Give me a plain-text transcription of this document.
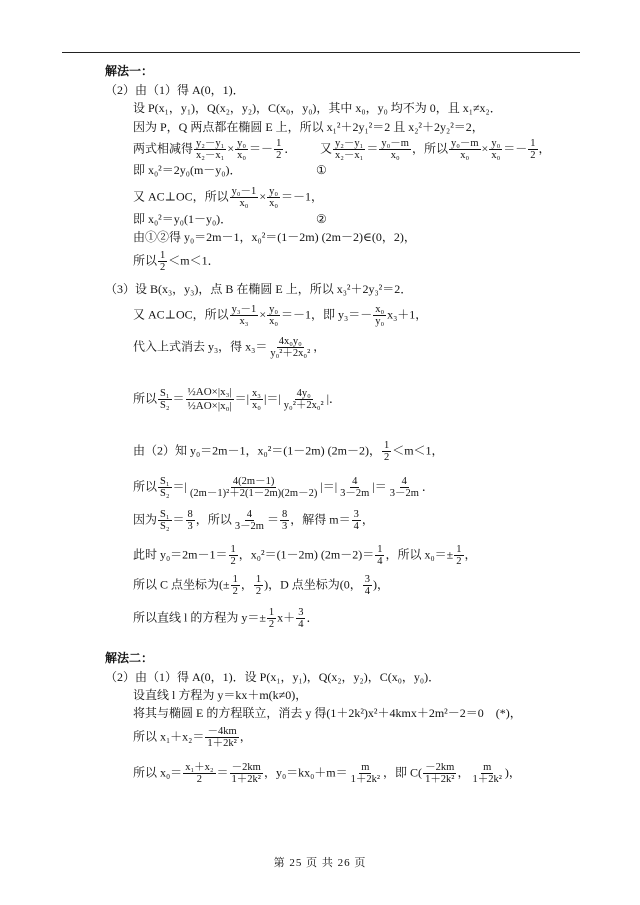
解法一：
（2）由（1）得 A(0，1)．
设 P(x₁，y₁)，Q(x₂，y₂)，C(x₀，y₀)，其中 x₀，y₀ 均不为 0，且 x₁≠x₂．
因为 P，Q 两点都在椭圆 E 上，所以 x₁²＋2y₁²＝2 且 x₂²＋2y₂²＝2，
两式相减得 $\frac{\text{y₂－y₁}}{\text{x₂－x₁}} \times \frac{\text{y₀}}{\text{x₀}} =- \frac{1}{2}$ ． 又 $\frac{\text{y₂－y₁}}{\text{x₂－x₁}} = \frac{\text{y₀－m}}{\text{x₀}}$ ，所以 $\frac{\text{y₀－m}}{\text{x₀}} \times \frac{\text{y₀}}{\text{x₀}} =- \frac{1}{2}$ ，
即 x₀²＝2y₀(m－y₀)．	①
又 AC⊥OC，所以 $\frac{\text{y₀－1}}{\text{x₀}} \times \frac{\text{y₀}}{\text{x₀}} =-1$，
即 x₀²＝y₀(1－y₀)．	②
由①②得 y₀＝2m－1，x₀²＝(1－2m) (2m－2)∈(0，2)，
所以 $\frac{1}{2} <m<1$．
（3）设 B(x₃，y₃)，点 B 在椭圆 E 上，所以 x₃²＋2y₃²＝2．
又 AC⊥OC，所以 $\frac{\text{y₃－1}}{\text{x₃}} \times \frac{\text{y₀}}{\text{x₀}} =-1$，即 $y_3=- \frac{\text{x₀}}{\text{y₀}} x_3+1$，
代入上式消去 y₃，得 $x_3= \frac{\text{4x₀y₀}}{\text{y₀²＋2x₀²}}$ ，
所以 $\frac{\text{S₁}}{\text{S₂}} = \frac{\text{½AO×|x₃|}}{\text{½AO×|x₀|}}$ ＝| $\frac{\text{x₃}}{\text{x₀}}$ |＝| $\frac{\text{4y₀}}{\text{y₀²＋2x₀²}}$ |．
由（2）知 y₀＝2m－1，x₀²＝(1－2m) (2m－2)， $\frac{1}{2} <m<1$，
所以 $\frac{\text{S₁}}{\text{S₂}}$ ＝| $\frac{4(2m-1)}{\text{(2m－1)²＋2(1－2m)(2m－2)}}$ |＝| $\frac{4}{3-2m}$ |＝ $\frac{4}{3-2m}$ ．
因为 $\frac{\text{S₁}}{\text{S₂}} = \frac{8}{3}$ ，所以 $\frac{4}{3-2m} = \frac{8}{3}$ ，解得 $m= \frac{3}{4}$ ，
此时 $y_0=2m-1= \frac{1}{2}$ ，x₀²＝(1－2m) $(2m-2)= \frac{1}{4}$ ，所以 $x_0=\pm \frac{1}{2}$ ，
所以 C 点坐标为(± $\frac{1}{2}$ ， $\frac{1}{2}$ )，D 点坐标为(0， $\frac{3}{4}$ )，
所以直线 l 的方程为 $y=\pm \frac{1}{2} x+ \frac{3}{4}$ ．
解法二：
（2）由（1）得 A(0，1)．设 P(x₁，y₁)，Q(x₂，y₂)，C(x₀，y₀)．
设直线 l 方程为 y＝kx＋m(k≠0)，
将其与椭圆 E 的方程联立，消去 y 得(1＋2k²)x²＋4kmx＋2m²－2＝0　(*)，
所以 $x_1+x_2= \frac{-4km}{\text{1＋2k²}}$ ，
所以 $x_0= \frac{\text{x₁＋x₂}}{2} = \frac{-2km}{\text{1＋2k²}}$ ，$y_0=kx_0+m= \frac{m}{\text{1＋2k²}}$ ，即 $C( \frac{-2km}{\text{1＋2k²}}$ ， $\frac{m}{\text{1＋2k²}}$ )，
第 25 页 共 26 页
